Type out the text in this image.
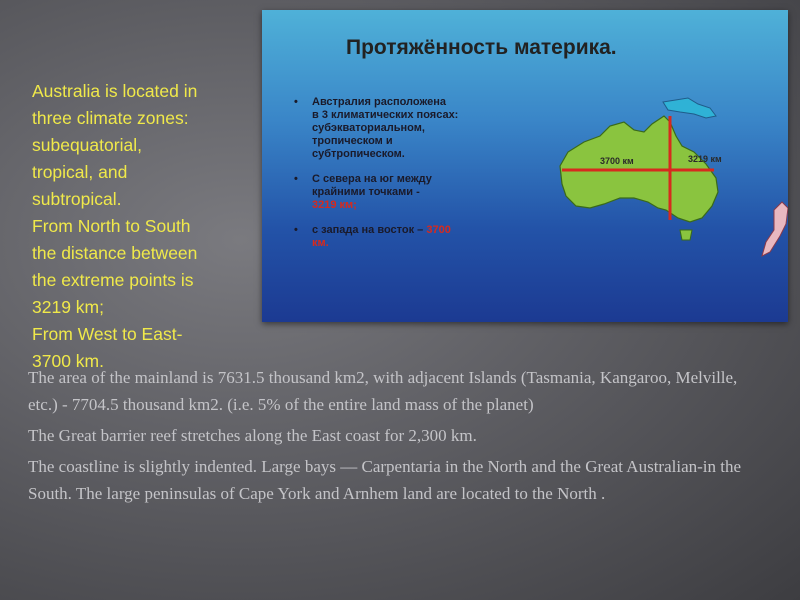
Australia is located in
three climate zones:
subequatorial,
tropical, and
subtropical.
From North to South
the distance between
the extreme points is
3219 km;
From West to East-
3700 km.
Протяжённость материка.
• Австралия расположена
в 3 климатических поясах:
субэкваториальном,
тропическом и
субтропическом.
• С севера на юг между
крайними точками -
3219 км;
• с запада на восток – 3700
км.
3700 км	3219 км

The area of the mainland is 7631.5 thousand km2, with adjacent Islands (Tasmania, Kangaroo, Melville, etc.) - 7704.5 thousand km2. (i.e. 5% of the entire land mass of the planet)

The Great barrier reef stretches along the East coast for 2,300 km.

The coastline is slightly indented. Large bays — Carpentaria in the North and the Great Australian-in the South. The large peninsulas of Cape York and Arnhem land are located to the North .
